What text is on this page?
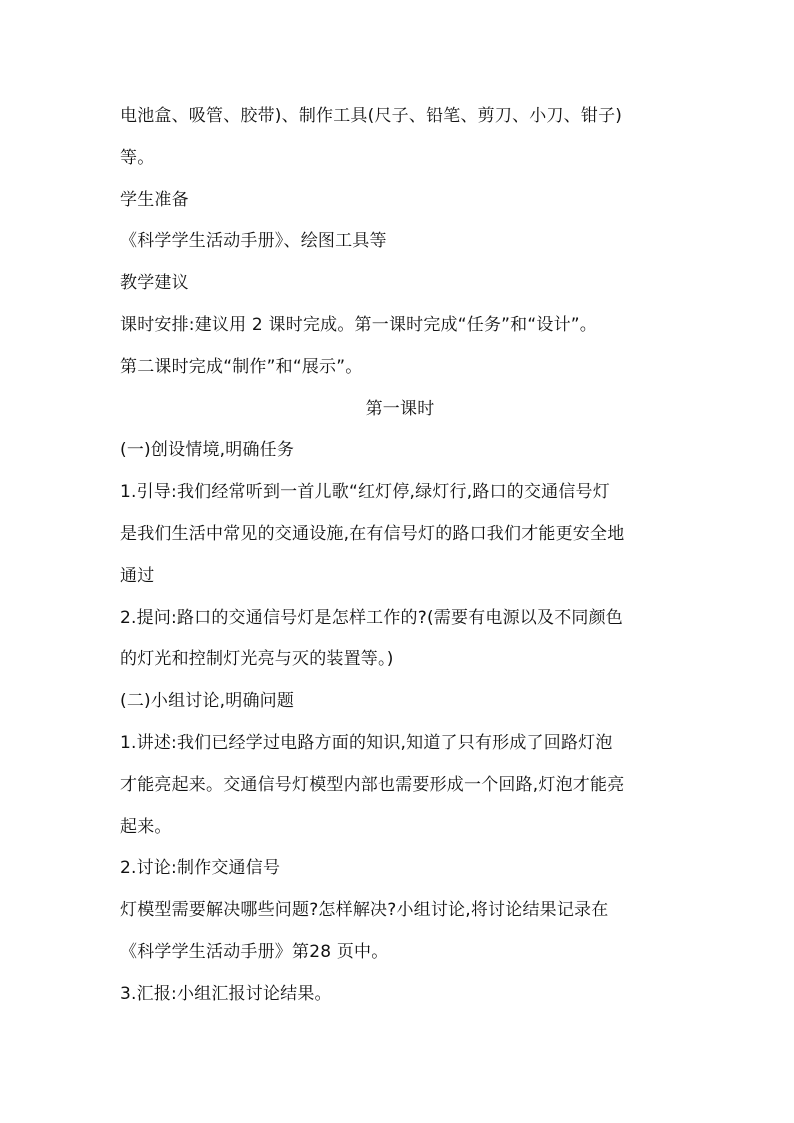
电池盒、吸管、胶带)、制作工具(尺子、铅笔、剪刀、小刀、钳子)
等。
学生准备
《科学学生活动手册》、绘图工具等
教学建议
课时安排:建议用 2 课时完成。第一课时完成“任务”和“设计”。
第二课时完成“制作”和“展示”。
第一课时
(一)创设情境,明确任务
1.引导:我们经常听到一首儿歌“红灯停,绿灯行,路口的交通信号灯
是我们生活中常见的交通设施,在有信号灯的路口我们才能更安全地
通过
2.提问:路口的交通信号灯是怎样工作的?(需要有电源以及不同颜色
的灯光和控制灯光亮与灭的装置等。)
(二)小组讨论,明确问题
1.讲述:我们已经学过电路方面的知识,知道了只有形成了回路灯泡
才能亮起来。交通信号灯模型内部也需要形成一个回路,灯泡才能亮
起来。
2.讨论:制作交通信号
灯模型需要解决哪些问题?怎样解决?小组讨论,将讨论结果记录在
《科学学生活动手册》第28 页中。
3.汇报:小组汇报讨论结果。
